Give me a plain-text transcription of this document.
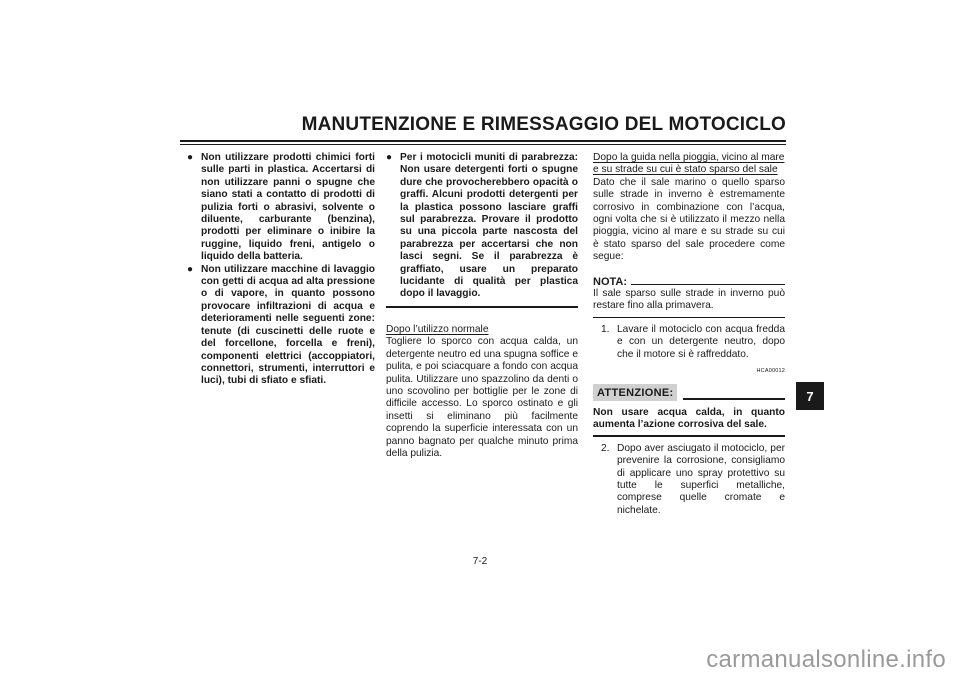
MANUTENZIONE E RIMESSAGGIO DEL MOTOCICLO
● Non utilizzare prodotti chimici forti sulle parti in plastica. Accertarsi di non utilizzare panni o spugne che siano stati a contatto di prodotti di pulizia forti o abrasivi, solvente o diluente, carburante (benzina), prodotti per eliminare o inibire la ruggine, liquido freni, antigelo o liquido della batteria.
● Non utilizzare macchine di lavaggio con getti di acqua ad alta pressione o di vapore, in quanto possono provocare infiltrazioni di acqua e deterioramenti nelle seguenti zone: tenute (di cuscinetti delle ruote e del forcellone, forcella e freni), componenti elettrici (accoppiatori, connettori, strumenti, interruttori e luci), tubi di sfiato e sfiati.
● Per i motocicli muniti di parabrezza: Non usare detergenti forti o spugne dure che provocherebbero opacità o graffi. Alcuni prodotti detergenti per la plastica possono lasciare graffi sul parabrezza. Provare il prodotto su una piccola parte nascosta del parabrezza per accertarsi che non lasci segni. Se il parabrezza è graffiato, usare un preparato lucidante di qualità per plastica dopo il lavaggio.
Dopo l’utilizzo normale
Togliere lo sporco con acqua calda, un detergente neutro ed una spugna soffice e pulita, e poi sciacquare a fondo con acqua pulita. Utilizzare uno spazzolino da denti o uno scovolino per bottiglie per le zone di difficile accesso. Lo sporco ostinato e gli insetti si eliminano più facilmente coprendo la superficie interessata con un panno bagnato per qualche minuto prima della pulizia.
Dopo la guida nella pioggia, vicino al mare
e su strade su cui è stato sparso del sale
Dato che il sale marino o quello sparso sulle strade in inverno è estremamente corrosivo in combinazione con l’acqua, ogni volta che si è utilizzato il mezzo nella pioggia, vicino al mare e su strade su cui è stato sparso del sale procedere come segue:
NOTA:
Il sale sparso sulle strade in inverno può restare fino alla primavera.
1. Lavare il motociclo con acqua fredda e con un detergente neutro, dopo che il motore si è raffreddato.
HCA00012
ATTENZIONE:
Non usare acqua calda, in quanto aumenta l’azione corrosiva del sale.
2. Dopo aver asciugato il motociclo, per prevenire la corrosione, consigliamo di applicare uno spray protettivo su tutte le superfici metalliche, comprese quelle cromate e nichelate.
7
7-2
carmanualsonline.info
